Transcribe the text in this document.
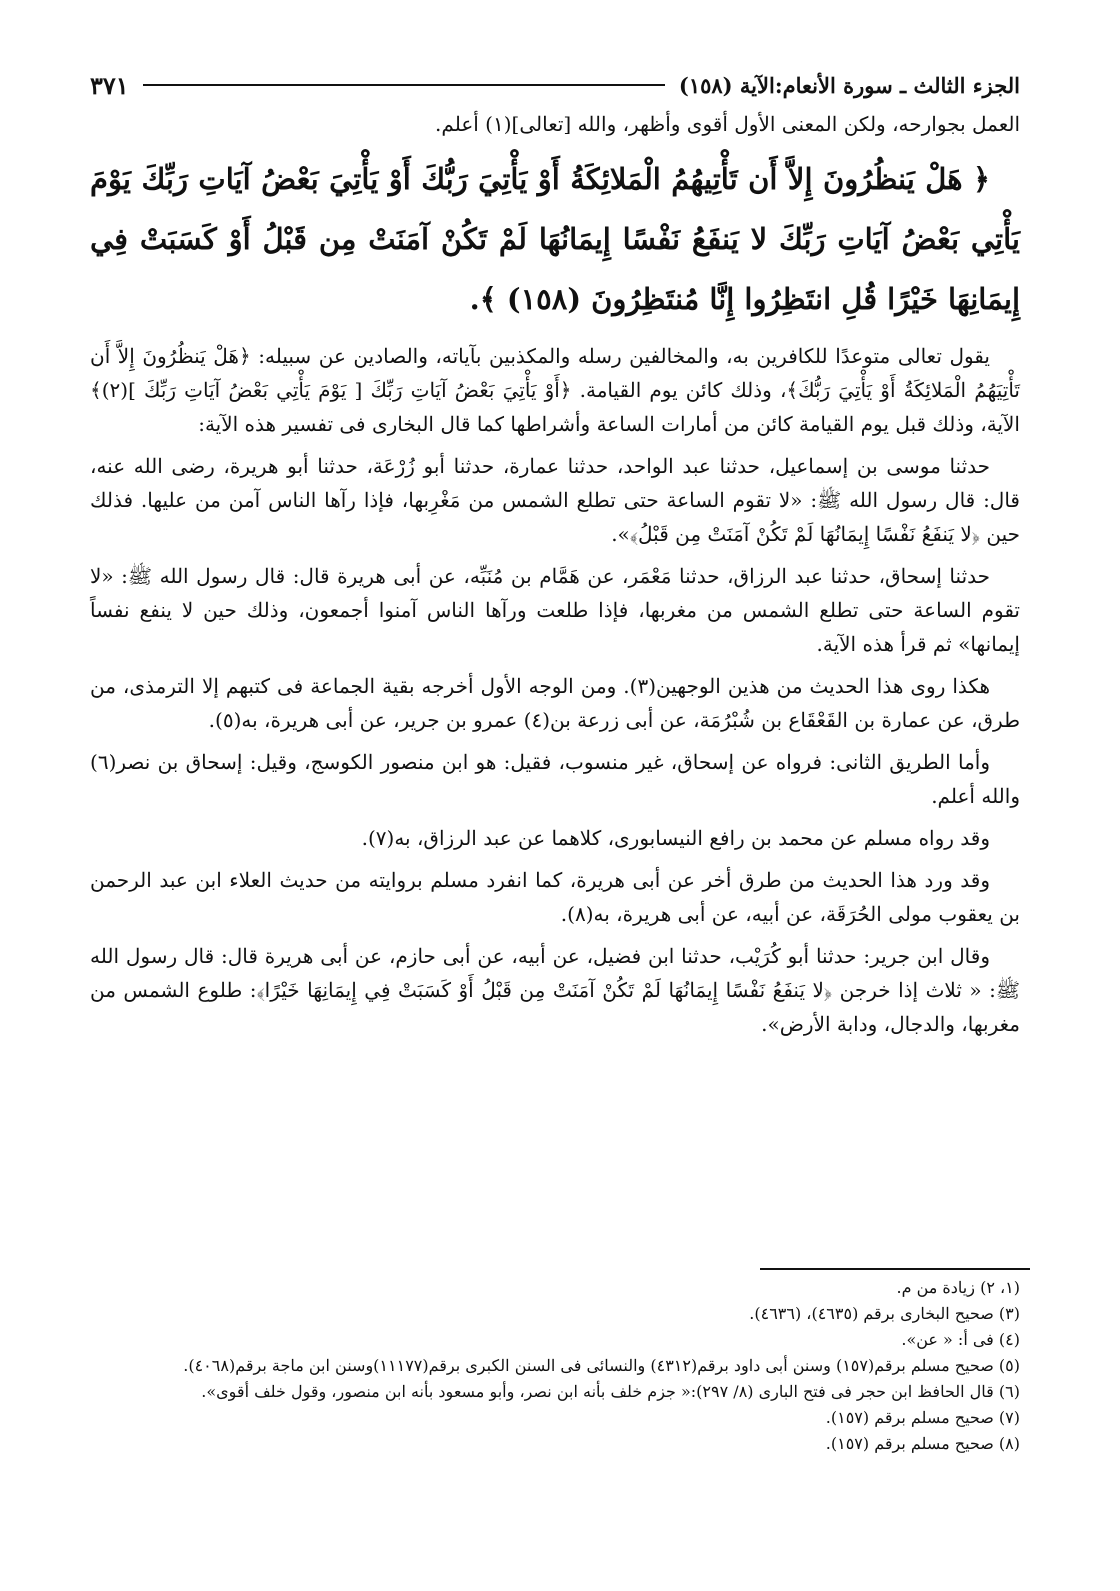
الجزء الثالث ـ سورة الأنعام:الآية (١٥٨)
٣٧١

العمل بجوارحه، ولكن المعنى الأول أقوى وأظهر، والله [تعالى](١) أعلم.

﴿ هَلْ يَنظُرُونَ إِلاَّ أَن تَأْتِيهُمُ الْمَلائِكَةُ أَوْ يَأْتِيَ رَبُّكَ أَوْ يَأْتِيَ بَعْضُ آيَاتِ رَبِّكَ يَوْمَ يَأْتِي بَعْضُ آيَاتِ رَبِّكَ لا يَنفَعُ نَفْسًا إِيمَانُهَا لَمْ تَكُنْ آمَنَتْ مِن قَبْلُ أَوْ كَسَبَتْ فِي إِيمَانِهَا خَيْرًا قُلِ انتَظِرُوا إِنَّا مُنتَظِرُونَ (١٥٨) ﴾.

يقول تعالى متوعدًا للكافرين به، والمخالفين رسله والمكذبين بآياته، والصادين عن سبيله: ﴿هَلْ يَنظُرُونَ إِلاَّ أَن تَأْتِيَهُمُ الْمَلائِكَةُ أَوْ يَأْتِيَ رَبُّكَ﴾، وذلك كائن يوم القيامة. ﴿أَوْ يَأْتِيَ بَعْضُ آيَاتِ رَبِّكَ [ يَوْمَ يَأْتِي بَعْضُ آيَاتِ رَبِّكَ ](٢)﴾الآية، وذلك قبل يوم القيامة كائن من أمارات الساعة وأشراطها كما قال البخارى فى تفسير هذه الآية:

حدثنا موسى بن إسماعيل، حدثنا عبد الواحد، حدثنا عمارة، حدثنا أبو زُرْعَة، حدثنا أبو هريرة، رضى الله عنه، قال: قال رسول الله ﷺ: «لا تقوم الساعة حتى تطلع الشمس من مَغْرِبها، فإذا رآها الناس آمن من عليها. فذلك حين ﴿لا يَنفَعُ نَفْسًا إِيمَانُهَا لَمْ تَكُنْ آمَنَتْ مِن قَبْلُ﴾».

حدثنا إسحاق، حدثنا عبد الرزاق، حدثنا مَعْمَر، عن هَمَّام بن مُنَبِّه، عن أبى هريرة قال: قال رسول الله ﷺ: «لا تقوم الساعة حتى تطلع الشمس من مغربها، فإذا طلعت ورآها الناس آمنوا أجمعون، وذلك حين لا ينفع نفساً إيمانها» ثم قرأ هذه الآية.

هكذا روى هذا الحديث من هذين الوجهين(٣). ومن الوجه الأول أخرجه بقية الجماعة فى كتبهم إلا الترمذى، من طرق، عن عمارة بن القَعْقَاع بن شُبْرُمَة، عن أبى زرعة بن(٤) عمرو بن جرير، عن أبى هريرة، به(٥).

وأما الطريق الثانى: فرواه عن إسحاق، غير منسوب، فقيل: هو ابن منصور الكوسج، وقيل: إسحاق بن نصر(٦) والله أعلم.

وقد رواه مسلم عن محمد بن رافع النيسابورى، كلاهما عن عبد الرزاق، به(٧).

وقد ورد هذا الحديث من طرق أخر عن أبى هريرة، كما انفرد مسلم بروايته من حديث العلاء ابن عبد الرحمن بن يعقوب مولى الحُرَقَة، عن أبيه، عن أبى هريرة، به(٨).

وقال ابن جرير: حدثنا أبو كُرَيْب، حدثنا ابن فضيل، عن أبيه، عن أبى حازم، عن أبى هريرة قال: قال رسول الله ﷺ: « ثلاث إذا خرجن ﴿لا يَنفَعُ نَفْسًا إِيمَانُهَا لَمْ تَكُنْ آمَنَتْ مِن قَبْلُ أَوْ كَسَبَتْ فِي إِيمَانِهَا خَيْرًا﴾: طلوع الشمس من مغربها، والدجال، ودابة الأرض».

(١، ٢) زيادة من م.

(٣) صحيح البخارى برقم (٤٦٣٥)، (٤٦٣٦).

(٤) فى أ: « عن».

(٥) صحيح مسلم برقم(١٥٧) وسنن أبى داود برقم(٤٣١٢) والنسائى فى السنن الكبرى برقم(١١١٧٧)وسنن ابن ماجة برقم(٤٠٦٨).

(٦) قال الحافظ ابن حجر فى فتح البارى (٨/ ٢٩٧):« جزم خلف بأنه ابن نصر، وأبو مسعود بأنه ابن منصور، وقول خلف أقوى».

(٧) صحيح مسلم برقم (١٥٧).

(٨) صحيح مسلم برقم (١٥٧).
